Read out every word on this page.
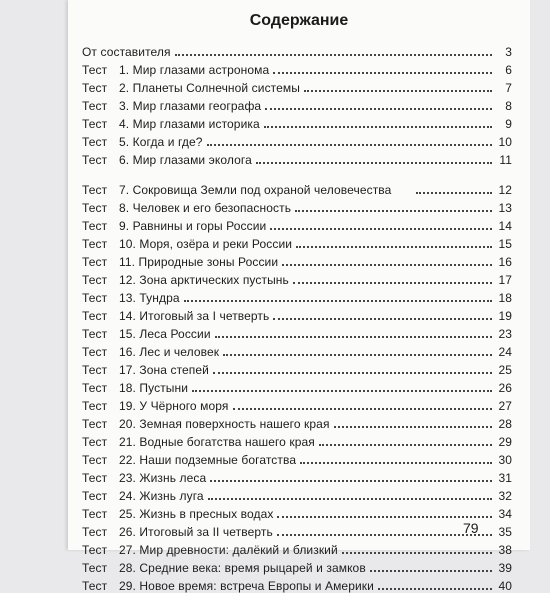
Содержание
От составителя	3
Тест 1. Мир глазами астронома	6
Тест 2. Планеты Солнечной системы	7
Тест 3. Мир глазами географа	8
Тест 4. Мир глазами историка	9
Тест 5. Когда и где?	10
Тест 6. Мир глазами эколога	11
Тест 7. Сокровища Земли под охраной человечества	12
Тест 8. Человек и его безопасность	13
Тест 9. Равнины и горы России	14
Тест 10. Моря, озёра и реки России	15
Тест 11. Природные зоны России	16
Тест 12. Зона арктических пустынь	17
Тест 13. Тундра	18
Тест 14. Итоговый за I четверть	19
Тест 15. Леса России	23
Тест 16. Лес и человек	24
Тест 17. Зона степей	25
Тест 18. Пустыни	26
Тест 19. У Чёрного моря	27
Тест 20. Земная поверхность нашего края	28
Тест 21. Водные богатства нашего края	29
Тест 22. Наши подземные богатства	30
Тест 23. Жизнь леса	31
Тест 24. Жизнь луга	32
Тест 25. Жизнь в пресных водах	34
Тест 26. Итоговый за II четверть	35
Тест 27. Мир древности: далёкий и близкий	38
Тест 28. Средние века: время рыцарей и замков	39
Тест 29. Новое время: встреча Европы и Америки	40
79
